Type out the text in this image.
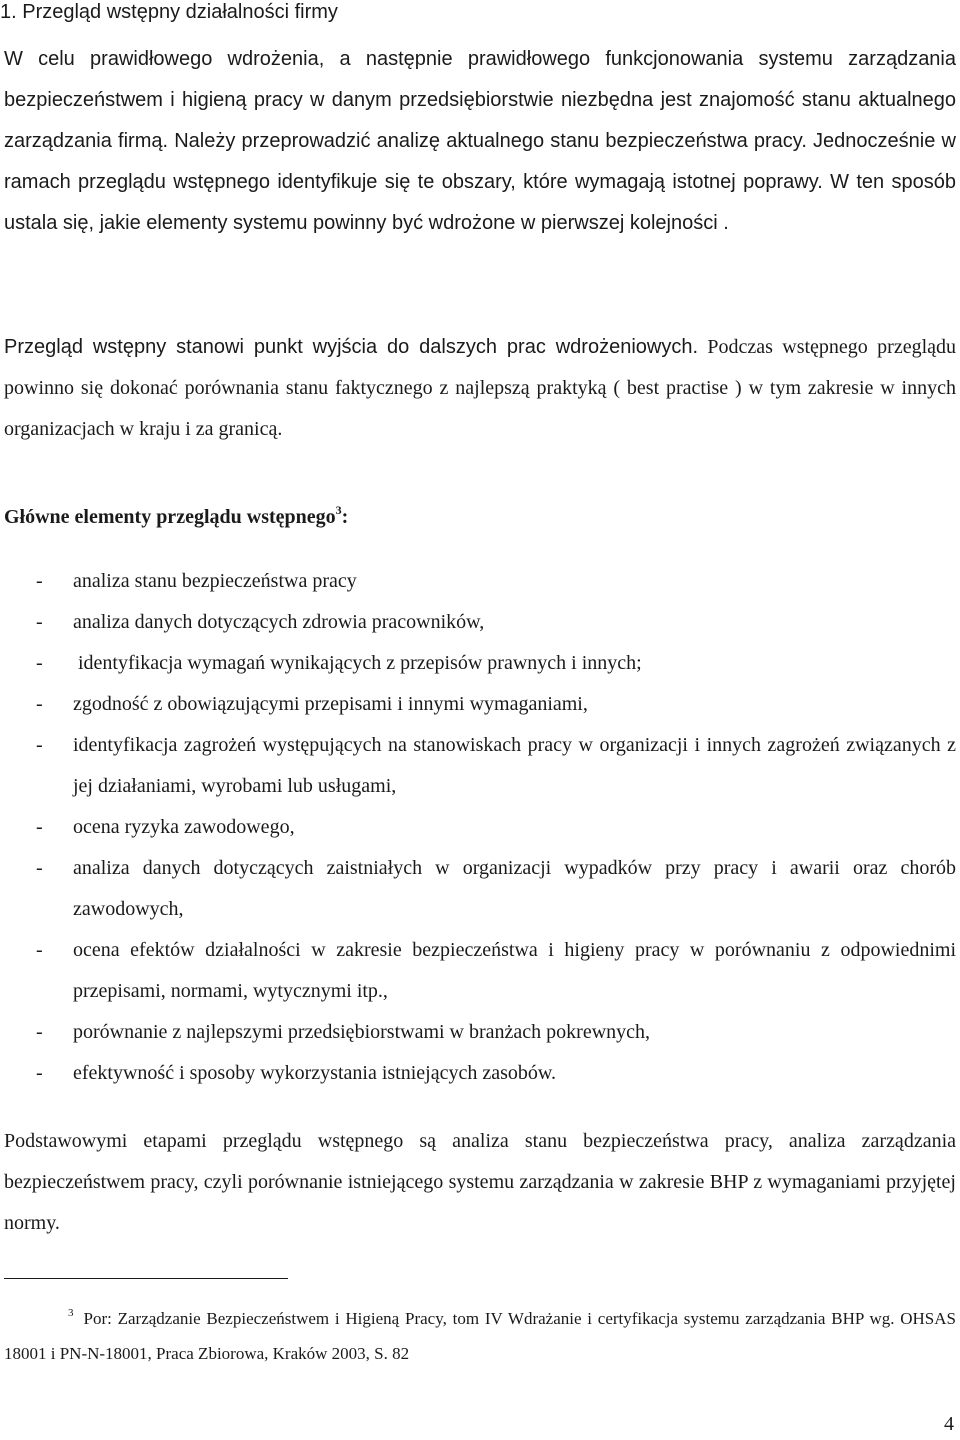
1. Przegląd wstępny działalności firmy

W celu prawidłowego wdrożenia, a następnie prawidłowego funkcjonowania systemu zarządzania bezpieczeństwem i higieną pracy w danym przedsiębiorstwie niezbędna jest znajomość stanu aktualnego zarządzania firmą. Należy przeprowadzić analizę aktualnego stanu bezpieczeństwa pracy. Jednocześnie w ramach przeglądu wstępnego identyfikuje się te obszary, które wymagają istotnej poprawy. W ten sposób ustala się, jakie elementy systemu powinny być wdrożone w pierwszej kolejności .

Przegląd wstępny stanowi punkt wyjścia do dalszych prac wdrożeniowych. Podczas wstępnego przeglądu powinno się dokonać porównania stanu faktycznego z najlepszą praktyką ( best practise ) w tym zakresie w innych organizacjach w kraju i za granicą.

Główne elementy przeglądu wstępnego$^3$:
- analiza stanu bezpieczeństwa pracy
- analiza danych dotyczących zdrowia pracowników,
- identyfikacja wymagań wynikających z przepisów prawnych i innych;
- zgodność z obowiązującymi przepisami i innymi wymaganiami,
- identyfikacja zagrożeń występujących na stanowiskach pracy w organizacji i innych zagrożeń związanych z jej działaniami, wyrobami lub usługami,
- ocena ryzyka zawodowego,
- analiza danych dotyczących zaistniałych w organizacji wypadków przy pracy i awarii oraz chorób zawodowych,
- ocena efektów działalności w zakresie bezpieczeństwa i higieny pracy w porównaniu z odpowiednimi przepisami, normami, wytycznymi itp.,
- porównanie z najlepszymi przedsiębiorstwami w branżach pokrewnych,
- efektywność i sposoby wykorzystania istniejących zasobów.

Podstawowymi etapami przeglądu wstępnego są analiza stanu bezpieczeństwa pracy, analiza zarządzania bezpieczeństwem pracy, czyli porównanie istniejącego systemu zarządzania w zakresie BHP z wymaganiami przyjętej normy.

$^3$ Por: Zarządzanie Bezpieczeństwem i Higieną Pracy, tom IV Wdrażanie i certyfikacja systemu zarządzania BHP wg. OHSAS 18001 i PN-N-18001, Praca Zbiorowa, Kraków 2003, S. 82

4
